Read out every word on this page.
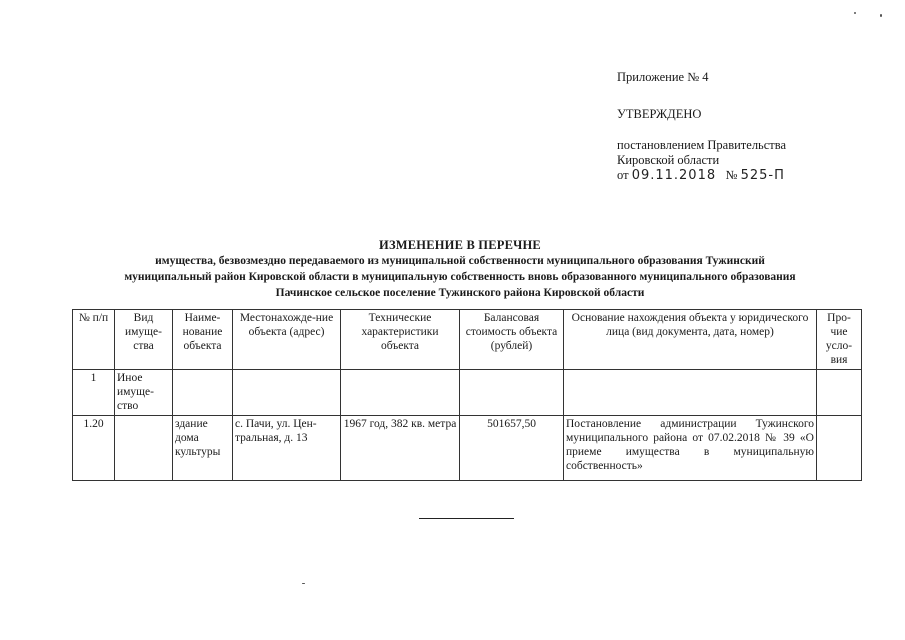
Приложение № 4
УТВЕРЖДЕНО
постановлением Правительства
Кировской области
от 09.11.2018 № 525-П
ИЗМЕНЕНИЕ В ПЕРЕЧНЕ
имущества, безвозмездно передаваемого из муниципальной собственности муниципального образования Тужинский
муниципальный район Кировской области в муниципальную собственность вновь образованного муниципального образования
Пачинское сельское поселение Тужинского района Кировской области
№ п/п	Вид имуще-ства	Наиме-нование объекта	Местонахожде-ние объекта (адрес)	Технические характеристики объекта	Балансовая стоимость объекта (рублей)	Основание нахождения объекта у юридического лица (вид документа, дата, номер)	Про-чие усло-вия
1	Иное имуще-ство						
1.20		здание дома культуры	с. Пачи, ул. Цен-тральная, д. 13	1967 год, 382 кв. метра	501657,50	Постановление администрации Тужинского муниципального района от 07.02.2018 № 39 «О приеме имущества в муниципальную собственность»	
